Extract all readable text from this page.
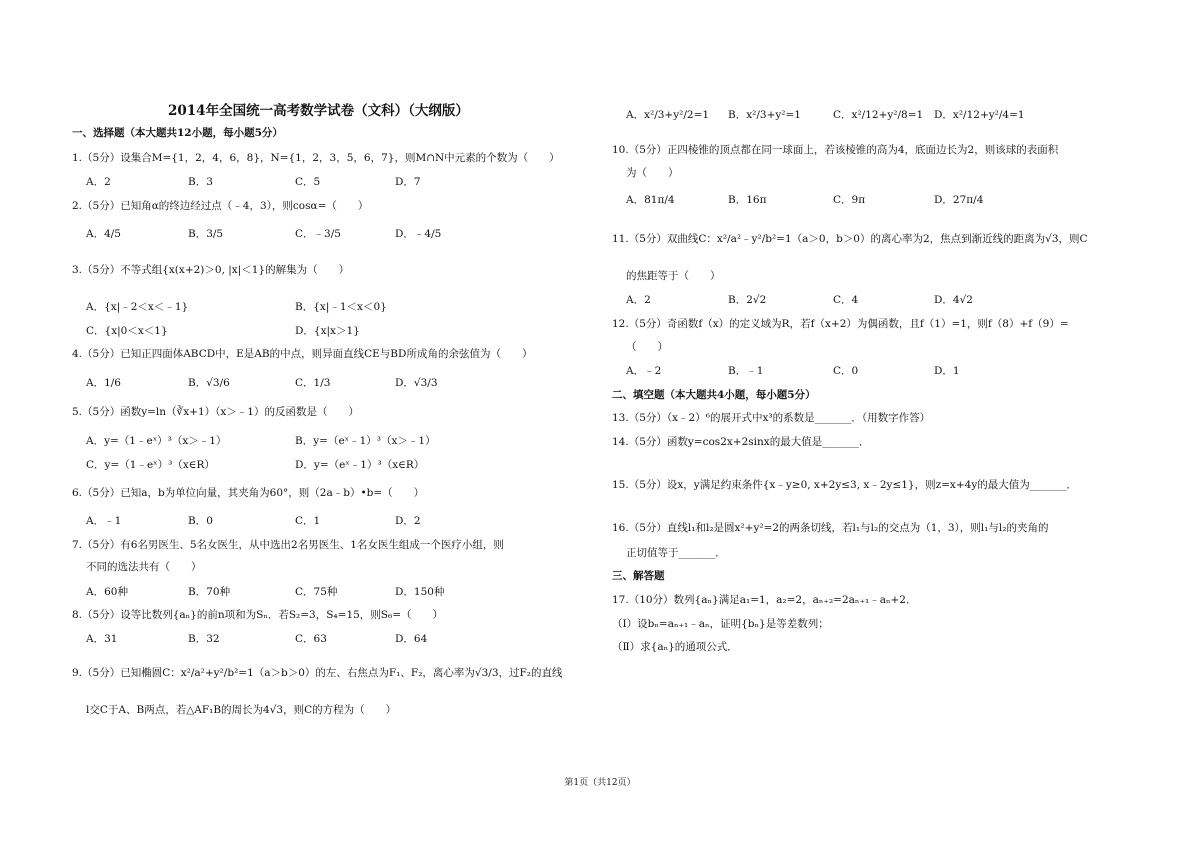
2014年全国统一高考数学试卷（文科）（大纲版）
一、选择题（本大题共12小题，每小题5分）
1.（5分）设集合M={1，2，4，6，8}，N={1，2，3，5，6，7}，则M∩N中元素的个数为（　　）
A．2	B．3	C．5	D．7
2.（5分）已知角α的终边经过点（﹣4，3），则cosα=（　　）
A．4/5	B．3/5	C．﹣3/5	D．﹣4/5
3.（5分）不等式组{x(x+2)＞0, |x|＜1}的解集为（　　）
A．{x|﹣2＜x＜﹣1}	B．{x|﹣1＜x＜0}
C．{x|0＜x＜1}	D．{x|x＞1}
4.（5分）已知正四面体ABCD中，E是AB的中点，则异面直线CE与BD所成角的余弦值为（　　）
A．1/6	B．√3/6	C．1/3	D．√3/3
5.（5分）函数y=ln（∛x+1）（x＞﹣1）的反函数是（　　）
A．y=（1﹣eˣ）³（x＞﹣1）	B．y=（eˣ﹣1）³（x＞﹣1）
C．y=（1﹣eˣ）³（x∈R）	D．y=（eˣ﹣1）³（x∈R）
6.（5分）已知a，b为单位向量，其夹角为60°，则（2a﹣b）•b=（　　）
A．﹣1	B．0	C．1	D．2
7.（5分）有6名男医生、5名女医生，从中选出2名男医生、1名女医生组成一个医疗小组，则
不同的选法共有（　　）
A．60种	B．70种	C．75种	D．150种
8.（5分）设等比数列{aₙ}的前n项和为Sₙ．若S₂=3，S₄=15，则S₆=（　　）
A．31	B．32	C．63	D．64
9.（5分）已知椭圆C：x²/a²+y²/b²=1（a＞b＞0）的左、右焦点为F₁、F₂，离心率为√3/3，过F₂的直线
l交C于A、B两点，若△AF₁B的周长为4√3，则C的方程为（　　）
A．x²/3+y²/2=1 B．x²/3+y²=1	C．x²/12+y²/8=1 D．x²/12+y²/4=1
10.（5分）正四棱锥的顶点都在同一球面上，若该棱锥的高为4，底面边长为2，则该球的表面积
为（　　）
A．81π/4	B．16π	C．9π	D．27π/4
11.（5分）双曲线C：x²/a²﹣y²/b²=1（a＞0，b＞0）的离心率为2，焦点到渐近线的距离为√3，则C
的焦距等于（　　）
A．2	B．2√2	C．4	D．4√2
12.（5分）奇函数f（x）的定义域为R，若f（x+2）为偶函数，且f（1）=1，则f（8）+f（9）=
（　　）
A．﹣2	B．﹣1	C．0	D．1
二、填空题（本大题共4小题，每小题5分）
13.（5分）（x﹣2）⁶的展开式中x³的系数是_______．（用数字作答）
14.（5分）函数y=cos2x+2sinx的最大值是_______．
15.（5分）设x，y满足约束条件{x﹣y≥0, x+2y≤3, x﹣2y≤1}，则z=x+4y的最大值为_______．
16.（5分）直线l₁和l₂是圆x²+y²=2的两条切线，若l₁与l₂的交点为（1，3），则l₁与l₂的夹角的
正切值等于_______．
三、解答题
17.（10分）数列{aₙ}满足a₁=1，a₂=2，aₙ₊₂=2aₙ₊₁﹣aₙ+2．
（Ⅰ）设bₙ=aₙ₊₁﹣aₙ，证明{bₙ}是等差数列；
（Ⅱ）求{aₙ}的通项公式．
第1页（共12页）
